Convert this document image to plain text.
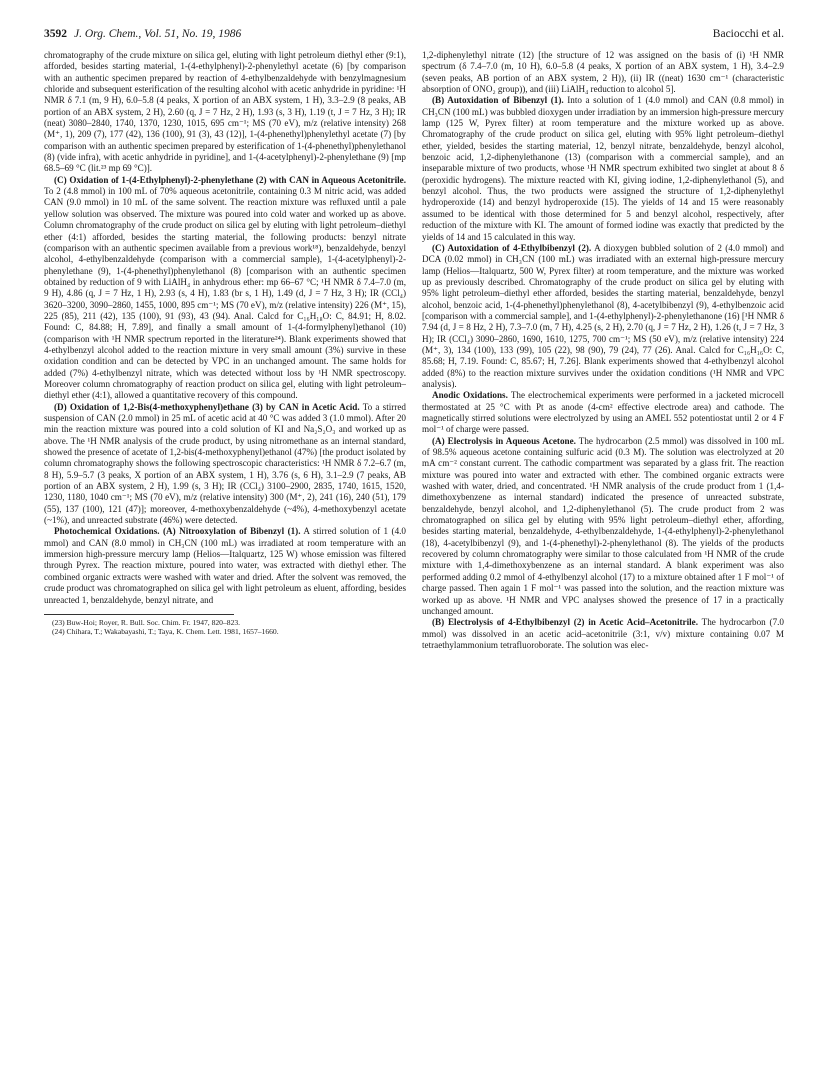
3592 J. Org. Chem., Vol. 51, No. 19, 1986	Baciocchi et al.

chromatography of the crude mixture on silica gel, eluting with light petroleum diethyl ether (9:1), afforded, besides starting material, 1-(4-ethylphenyl)-2-phenylethyl acetate (6) [by comparison with an authentic specimen prepared by reaction of 4-ethylbenzaldehyde with benzylmagnesium chloride and subsequent esterification of the resulting alcohol with acetic anhydride in pyridine: ¹H NMR δ 7.1 (m, 9 H), 6.0–5.8 (4 peaks, X portion of an ABX system, 1 H), 3.3–2.9 (8 peaks, AB portion of an ABX system, 2 H), 2.60 (q, J = 7 Hz, 2 H), 1.93 (s, 3 H), 1.19 (t, J = 7 Hz, 3 H); IR (neat) 3080–2840, 1740, 1370, 1230, 1015, 695 cm⁻¹; MS (70 eV), m/z (relative intensity) 268 (M⁺, 1), 209 (7), 177 (42), 136 (100), 91 (3), 43 (12)], 1-(4-phenethyl)phenylethyl acetate (7) [by comparison with an authentic specimen prepared by esterification of 1-(4-phenethyl)phenylethanol (8) (vide infra), with acetic anhydride in pyridine], and 1-(4-acetylphenyl)-2-phenylethane (9) [mp 68.5–69 °C (lit.²³ mp 69 °C)].

(C) Oxidation of 1-(4-Ethylphenyl)-2-phenylethane (2) with CAN in Aqueous Acetonitrile. To 2 (4.8 mmol) in 100 mL of 70% aqueous acetonitrile, containing 0.3 M nitric acid, was added CAN (9.0 mmol) in 10 mL of the same solvent. The reaction mixture was refluxed until a pale yellow solution was observed. The mixture was poured into cold water and worked up as above. Column chromatography of the crude product on silica gel by eluting with light petroleum–diethyl ether (4:1) afforded, besides the starting material, the following products: benzyl nitrate (comparison with an authentic specimen available from a previous work¹⁸), benzaldehyde, benzyl alcohol, 4-ethylbenzaldehyde (comparison with a commercial sample), 1-(4-acetylphenyl)-2-phenylethane (9), 1-(4-phenethyl)phenylethanol (8) [comparison with an authentic specimen obtained by reduction of 9 with LiAlH₄ in anhydrous ether: mp 66–67 °C; ¹H NMR δ 7.4–7.0 (m, 9 H), 4.86 (q, J = 7 Hz, 1 H), 2.93 (s, 4 H), 1.83 (br s, 1 H), 1.49 (d, J = 7 Hz, 3 H); IR (CCl₄) 3620–3200, 3090–2860, 1455, 1000, 895 cm⁻¹; MS (70 eV), m/z (relative intensity) 226 (M⁺, 15), 225 (85), 211 (42), 135 (100), 91 (93), 43 (94). Anal. Calcd for C₁₆H₁₈O: C, 84.91; H, 8.02. Found: C, 84.88; H, 7.89], and finally a small amount of 1-(4-formylphenyl)ethanol (10) (comparison with ¹H NMR spectrum reported in the literature²⁴). Blank experiments showed that 4-ethylbenzyl alcohol added to the reaction mixture in very small amount (3%) survive in these oxidation condition and can be detected by VPC in an unchanged amount. The same holds for added (7%) 4-ethylbenzyl nitrate, which was detected without loss by ¹H NMR spectroscopy. Moreover column chromatography of reaction product on silica gel, eluting with light petroleum–diethyl ether (4:1), allowed a quantitative recovery of this compound.

(D) Oxidation of 1,2-Bis(4-methoxyphenyl)ethane (3) by CAN in Acetic Acid. To a stirred suspension of CAN (2.0 mmol) in 25 mL of acetic acid at 40 °C was added 3 (1.0 mmol). After 20 min the reaction mixture was poured into a cold solution of KI and Na₂S₂O₃ and worked up as above. The ¹H NMR analysis of the crude product, by using nitromethane as an internal standard, showed the presence of acetate of 1,2-bis(4-methoxyphenyl)ethanol (47%) [the product isolated by column chromatography shows the following spectroscopic characteristics: ¹H NMR δ 7.2–6.7 (m, 8 H), 5.9–5.7 (3 peaks, X portion of an ABX system, 1 H), 3.76 (s, 6 H), 3.1–2.9 (7 peaks, AB portion of an ABX system, 2 H), 1.99 (s, 3 H); IR (CCl₄) 3100–2900, 2835, 1740, 1615, 1520, 1230, 1180, 1040 cm⁻¹; MS (70 eV), m/z (relative intensity) 300 (M⁺, 2), 241 (16), 240 (51), 179 (55), 137 (100), 121 (47)]; moreover, 4-methoxybenzaldehyde (~4%), 4-methoxybenzyl acetate (~1%), and unreacted substrate (46%) were detected.

Photochemical Oxidations. (A) Nitrooxylation of Bibenzyl (1). A stirred solution of 1 (4.0 mmol) and CAN (8.0 mmol) in CH₃CN (100 mL) was irradiated at room temperature with an immersion high-pressure mercury lamp (Helios—Italquartz, 125 W) whose emission was filtered through Pyrex. The reaction mixture, poured into water, was extracted with diethyl ether. The combined organic extracts were washed with water and dried. After the solvent was removed, the crude product was chromatographed on silica gel with light petroleum as eluent, affording, besides unreacted 1, benzaldehyde, benzyl nitrate, and

(23) Buw-Hoi; Royer, R. Bull. Soc. Chim. Fr. 1947, 820–823.
(24) Chihara, T.; Wakabayashi, T.; Taya, K. Chem. Lett. 1981, 1657–1660.

1,2-diphenylethyl nitrate (12) [the structure of 12 was assigned on the basis of (i) ¹H NMR spectrum (δ 7.4–7.0 (m, 10 H), 6.0–5.8 (4 peaks, X portion of an ABX system, 1 H), 3.4–2.9 (seven peaks, AB portion of an ABX system, 2 H)), (ii) IR ((neat) 1630 cm⁻¹ (characteristic absorption of ONO₂ group)), and (iii) LiAlH₄ reduction to alcohol 5].

(B) Autoxidation of Bibenzyl (1). Into a solution of 1 (4.0 mmol) and CAN (0.8 mmol) in CH₃CN (100 mL) was bubbled dioxygen under irradiation by an immersion high-pressure mercury lamp (125 W, Pyrex filter) at room temperature and the mixture worked up as above. Chromatography of the crude product on silica gel, eluting with 95% light petroleum–diethyl ether, yielded, besides the starting material, 12, benzyl nitrate, benzaldehyde, benzyl alcohol, benzoic acid, 1,2-diphenylethanone (13) (comparison with a commercial sample), and an inseparable mixture of two products, whose ¹H NMR spectrum exhibited two singlet at about 8 δ (peroxidic hydrogens). The mixture reacted with KI, giving iodine, 1,2-diphenylethanol (5), and benzyl alcohol. Thus, the two products were assigned the structure of 1,2-diphenylethyl hydroperoxide (14) and benzyl hydroperoxide (15). The yields of 14 and 15 were reasonably assumed to be identical with those determined for 5 and benzyl alcohol, respectively, after reduction of the mixture with KI. The amount of formed iodine was exactly that predicted by the yields of 14 and 15 calculated in this way.

(C) Autoxidation of 4-Ethylbibenzyl (2). A dioxygen bubbled solution of 2 (4.0 mmol) and DCA (0.02 mmol) in CH₃CN (100 mL) was irradiated with an external high-pressure mercury lamp (Helios—Italquartz, 500 W, Pyrex filter) at room temperature, and the mixture was worked up as previously described. Chromatography of the crude product on silica gel by eluting with 95% light petroleum–diethyl ether afforded, besides the starting material, benzaldehyde, benzyl alcohol, benzoic acid, 1-(4-phenethyl)phenylethanol (8), 4-acetylbibenzyl (9), 4-ethylbenzoic acid [comparison with a commercial sample], and 1-(4-ethylphenyl)-2-phenylethanone (16) [¹H NMR δ 7.94 (d, J = 8 Hz, 2 H), 7.3–7.0 (m, 7 H), 4.25 (s, 2 H), 2.70 (q, J = 7 Hz, 2 H), 1.26 (t, J = 7 Hz, 3 H); IR (CCl₄) 3090–2860, 1690, 1610, 1275, 700 cm⁻¹; MS (50 eV), m/z (relative intensity) 224 (M⁺, 3), 134 (100), 133 (99), 105 (22), 98 (90), 79 (24), 77 (26). Anal. Calcd for C₁₆H₁₆O: C, 85.68; H, 7.19. Found: C, 85.67; H, 7.26]. Blank experiments showed that 4-ethylbenzyl alcohol added (8%) to the reaction mixture survives under the oxidation conditions (¹H NMR and VPC analysis).

Anodic Oxidations. The electrochemical experiments were performed in a jacketed microcell thermostated at 25 °C with Pt as anode (4-cm² effective electrode area) and cathode. The magnetically stirred solutions were electrolyzed by using an AMEL 552 potentiostat until 2 or 4 F mol⁻¹ of charge were passed.

(A) Electrolysis in Aqueous Acetone. The hydrocarbon (2.5 mmol) was dissolved in 100 mL of 98.5% aqueous acetone containing sulfuric acid (0.3 M). The solution was electrolyzed at 20 mA cm⁻² constant current. The cathodic compartment was separated by a glass frit. The reaction mixture was poured into water and extracted with ether. The combined organic extracts were washed with water, dried, and concentrated. ¹H NMR analysis of the crude product from 1 (1,4-dimethoxybenzene as internal standard) indicated the presence of unreacted substrate, benzaldehyde, benzyl alcohol, and 1,2-diphenylethanol (5). The crude product from 2 was chromatographed on silica gel by eluting with 95% light petroleum–diethyl ether, affording, besides starting material, benzaldehyde, 4-ethylbenzaldehyde, 1-(4-ethylphenyl)-2-phenylethanol (18), 4-acetylbibenzyl (9), and 1-(4-phenethyl)-2-phenylethanol (8). The yields of the products recovered by column chromatography were similar to those calculated from ¹H NMR of the crude mixture with 1,4-dimethoxybenzene as an internal standard. A blank experiment was also performed adding 0.2 mmol of 4-ethylbenzyl alcohol (17) to a mixture obtained after 1 F mol⁻¹ of charge passed. Then again 1 F mol⁻¹ was passed into the solution, and the reaction mixture was worked up as above. ¹H NMR and VPC analyses showed the presence of 17 in a practically unchanged amount.

(B) Electrolysis of 4-Ethylbibenzyl (2) in Acetic Acid–Acetonitrile. The hydrocarbon (7.0 mmol) was dissolved in an acetic acid–acetonitrile (3:1, v/v) mixture containing 0.07 M tetraethylammonium tetrafluoroborate. The solution was elec-
